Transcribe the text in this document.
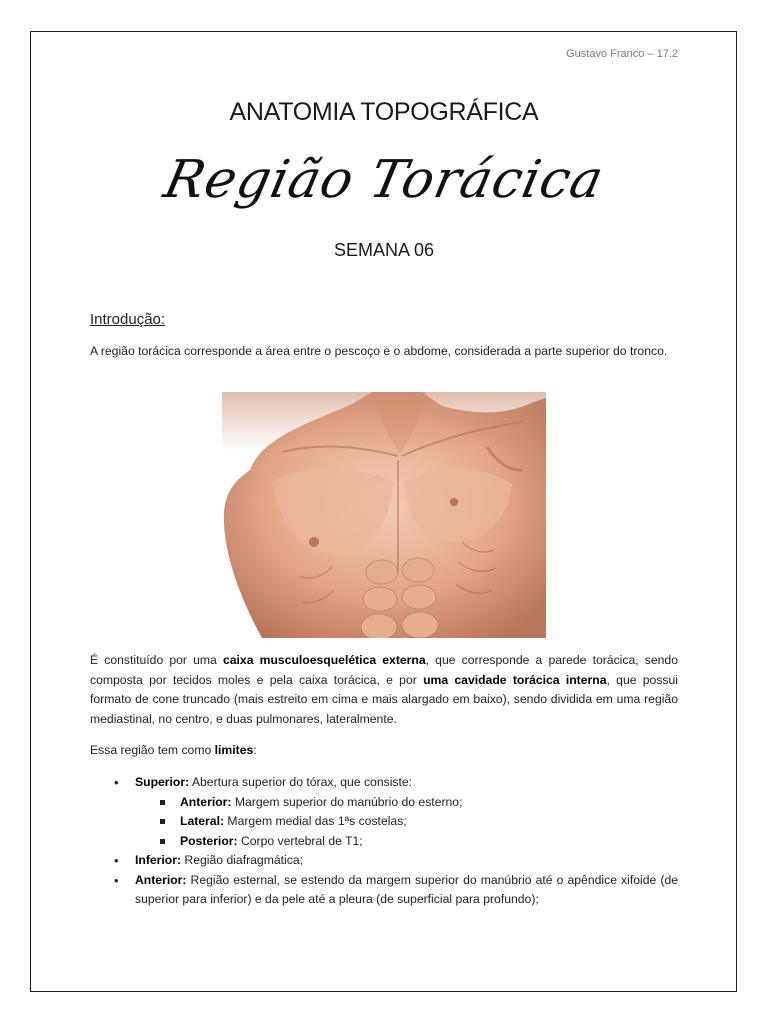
Gustavo Franco – 17.2
ANATOMIA TOPOGRÁFICA
Região Torácica
SEMANA 06
Introdução:
A região torácica corresponde a área entre o pescoço e o abdome, considerada a parte superior do tronco.
É constituído por uma caixa musculoesquelética externa, que corresponde a parede torácica, sendo composta por tecidos moles e pela caixa torácica, e por uma cavidade torácica interna, que possui formato de cone truncado (mais estreito em cima e mais alargado em baixo), sendo dividida em uma região mediastinal, no centro, e duas pulmonares, lateralmente.
Essa região tem como limites:
• Superior: Abertura superior do tórax, que consiste:
Anterior: Margem superior do manúbrio do esterno;
Lateral: Margem medial das 1ªs costelas;
Posterior: Corpo vertebral de T1;
• Inferior: Região diafragmática;
• Anterior: Região esternal, se estendo da margem superior do manúbrio até o apêndice xifoide (de superior para inferior) e da pele até a pleura (de superficial para profundo);
